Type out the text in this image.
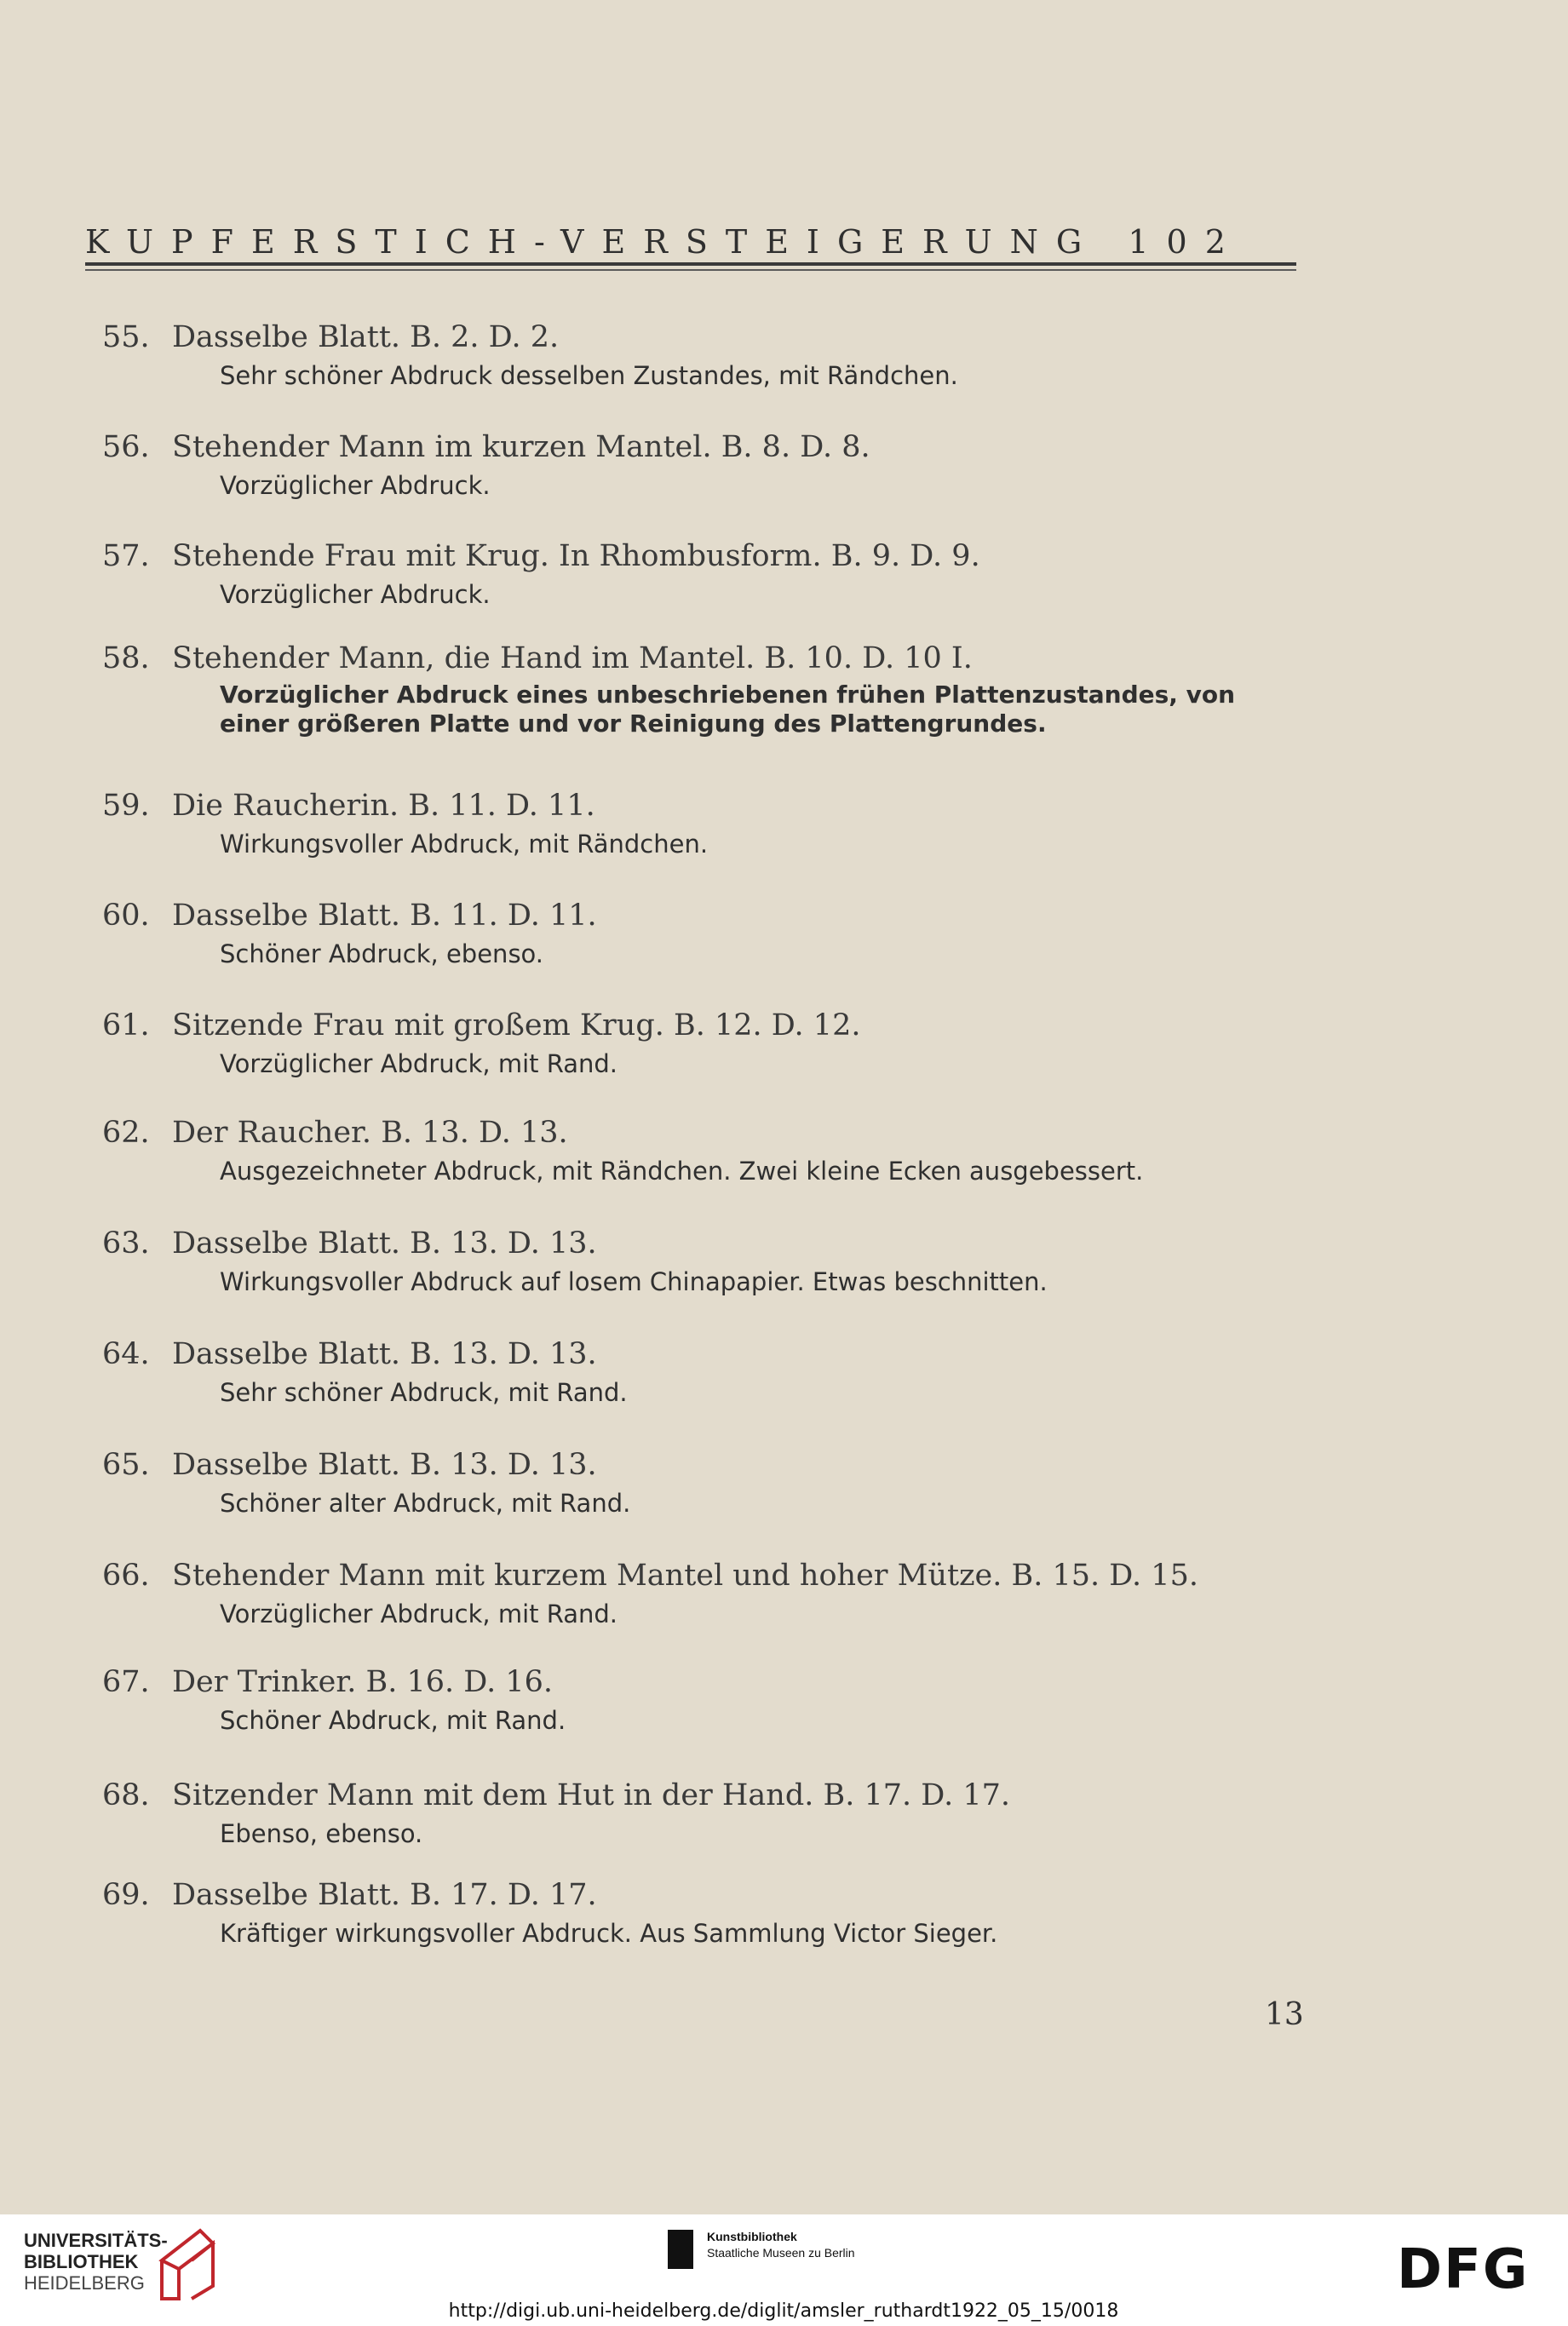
KUPFERSTICH-VERSTEIGERUNG 102
55. Dasselbe Blatt. B. 2. D. 2.
Sehr schöner Abdruck desselben Zustandes, mit Rändchen.
56. Stehender Mann im kurzen Mantel. B. 8. D. 8.
Vorzüglicher Abdruck.
57. Stehende Frau mit Krug. In Rhombusform. B. 9. D. 9.
Vorzüglicher Abdruck.
58. Stehender Mann, die Hand im Mantel. B. 10. D. 10 I.
Vorzüglicher Abdruck eines unbeschriebenen frühen Plattenzustandes, von einer größeren Platte und vor Reinigung des Plattengrundes.
59. Die Raucherin. B. 11. D. 11.
Wirkungsvoller Abdruck, mit Rändchen.
60. Dasselbe Blatt. B. 11. D. 11.
Schöner Abdruck, ebenso.
61. Sitzende Frau mit großem Krug. B. 12. D. 12.
Vorzüglicher Abdruck, mit Rand.
62. Der Raucher. B. 13. D. 13.
Ausgezeichneter Abdruck, mit Rändchen. Zwei kleine Ecken ausgebessert.
63. Dasselbe Blatt. B. 13. D. 13.
Wirkungsvoller Abdruck auf losem Chinapapier. Etwas beschnitten.
64. Dasselbe Blatt. B. 13. D. 13.
Sehr schöner Abdruck, mit Rand.
65. Dasselbe Blatt. B. 13. D. 13.
Schöner alter Abdruck, mit Rand.
66. Stehender Mann mit kurzem Mantel und hoher Mütze. B. 15. D. 15.
Vorzüglicher Abdruck, mit Rand.
67. Der Trinker. B. 16. D. 16.
Schöner Abdruck, mit Rand.
68. Sitzender Mann mit dem Hut in der Hand. B. 17. D. 17.
Ebenso, ebenso.
69. Dasselbe Blatt. B. 17. D. 17.
Kräftiger wirkungsvoller Abdruck. Aus Sammlung Victor Sieger.
13
UNIVERSITÄTS-
BIBLIOTHEK
HEIDELBERG
Kunstbibliothek
Staatliche Museen zu Berlin	DFG
http://digi.ub.uni-heidelberg.de/diglit/amsler_ruthardt1922_05_15/0018
